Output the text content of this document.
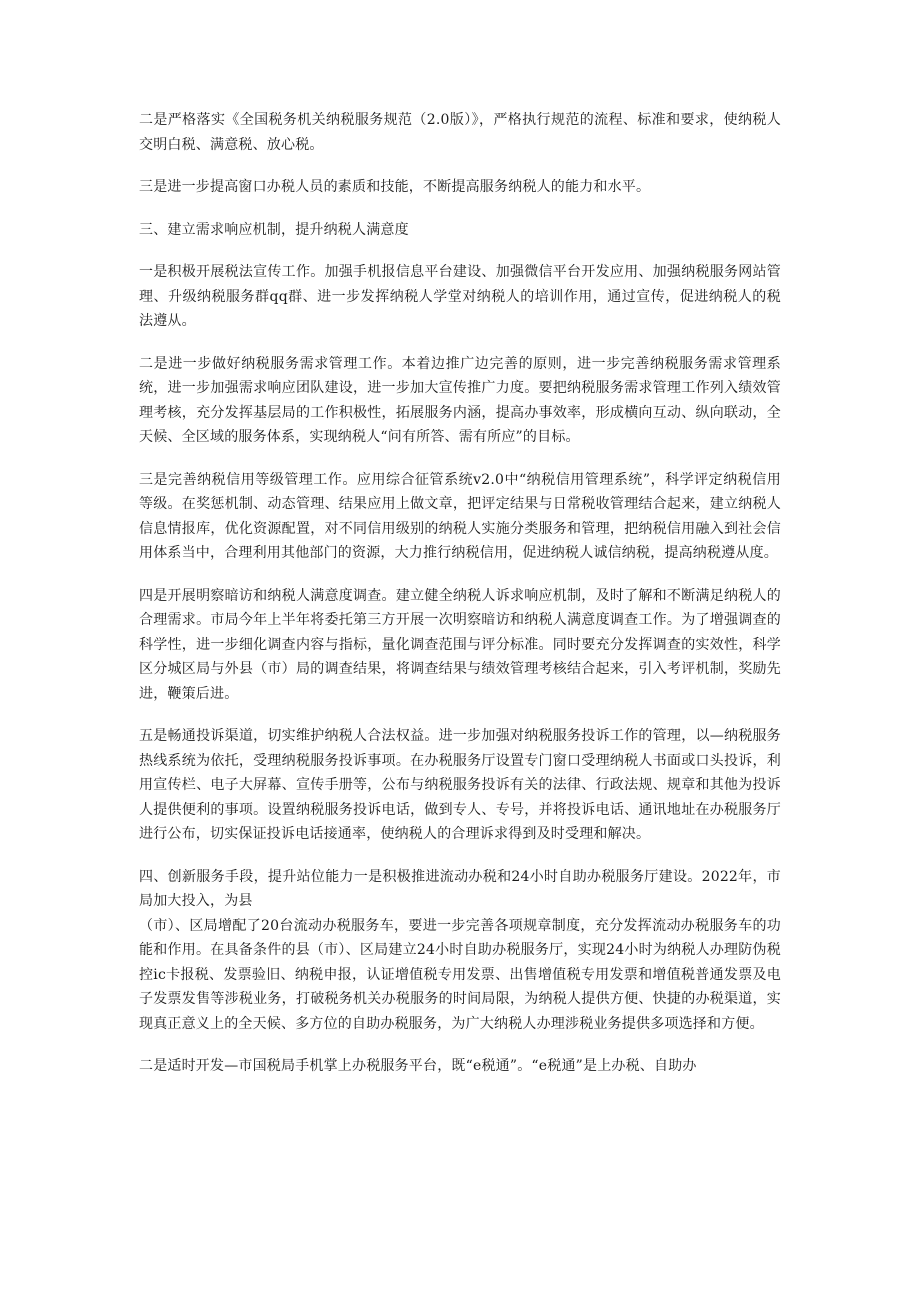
二是严格落实《全国税务机关纳税服务规范（2.0版）》，严格执行规范的流程、标准和要求，使纳税人交明白税、满意税、放心税。

三是进一步提高窗口办税人员的素质和技能，不断提高服务纳税人的能力和水平。

三、建立需求响应机制，提升纳税人满意度

一是积极开展税法宣传工作。加强手机报信息平台建设、加强微信平台开发应用、加强纳税服务网站管理、升级纳税服务群qq群、进一步发挥纳税人学堂对纳税人的培训作用，通过宣传，促进纳税人的税法遵从。

二是进一步做好纳税服务需求管理工作。本着边推广边完善的原则，进一步完善纳税服务需求管理系统，进一步加强需求响应团队建设，进一步加大宣传推广力度。要把纳税服务需求管理工作列入绩效管理考核，充分发挥基层局的工作积极性，拓展服务内涵，提高办事效率，形成横向互动、纵向联动，全天候、全区域的服务体系，实现纳税人“问有所答、需有所应”的目标。

三是完善纳税信用等级管理工作。应用综合征管系统v2.0中“纳税信用管理系统”，科学评定纳税信用等级。在奖惩机制、动态管理、结果应用上做文章，把评定结果与日常税收管理结合起来，建立纳税人信息情报库，优化资源配置，对不同信用级别的纳税人实施分类服务和管理，把纳税信用融入到社会信用体系当中，合理利用其他部门的资源，大力推行纳税信用，促进纳税人诚信纳税，提高纳税遵从度。

四是开展明察暗访和纳税人满意度调查。建立健全纳税人诉求响应机制，及时了解和不断满足纳税人的合理需求。市局今年上半年将委托第三方开展一次明察暗访和纳税人满意度调查工作。为了增强调查的科学性，进一步细化调查内容与指标，量化调查范围与评分标准。同时要充分发挥调查的实效性，科学区分城区局与外县（市）局的调查结果，将调查结果与绩效管理考核结合起来，引入考评机制，奖励先进，鞭策后进。

五是畅通投诉渠道，切实维护纳税人合法权益。进一步加强对纳税服务投诉工作的管理，以—纳税服务热线系统为依托，受理纳税服务投诉事项。在办税服务厅设置专门窗口受理纳税人书面或口头投诉，利用宣传栏、电子大屏幕、宣传手册等，公布与纳税服务投诉有关的法律、行政法规、规章和其他为投诉人提供便利的事项。设置纳税服务投诉电话，做到专人、专号，并将投诉电话、通讯地址在办税服务厅进行公布，切实保证投诉电话接通率，使纳税人的合理诉求得到及时受理和解决。

四、创新服务手段，提升站位能力一是积极推进流动办税和24小时自助办税服务厅建设。2022年，市局加大投入，为县

（市）、区局增配了20台流动办税服务车，要进一步完善各项规章制度，充分发挥流动办税服务车的功能和作用。在具备条件的县（市）、区局建立24小时自助办税服务厅，实现24小时为纳税人办理防伪税控ic卡报税、发票验旧、纳税申报，认证增值税专用发票、出售增值税专用发票和增值税普通发票及电子发票发售等涉税业务，打破税务机关办税服务的时间局限，为纳税人提供方便、快捷的办税渠道，实现真正意义上的全天候、多方位的自助办税服务，为广大纳税人办理涉税业务提供多项选择和方便。

二是适时开发—市国税局手机掌上办税服务平台，既“e税通”。“e税通”是上办税、自助办
